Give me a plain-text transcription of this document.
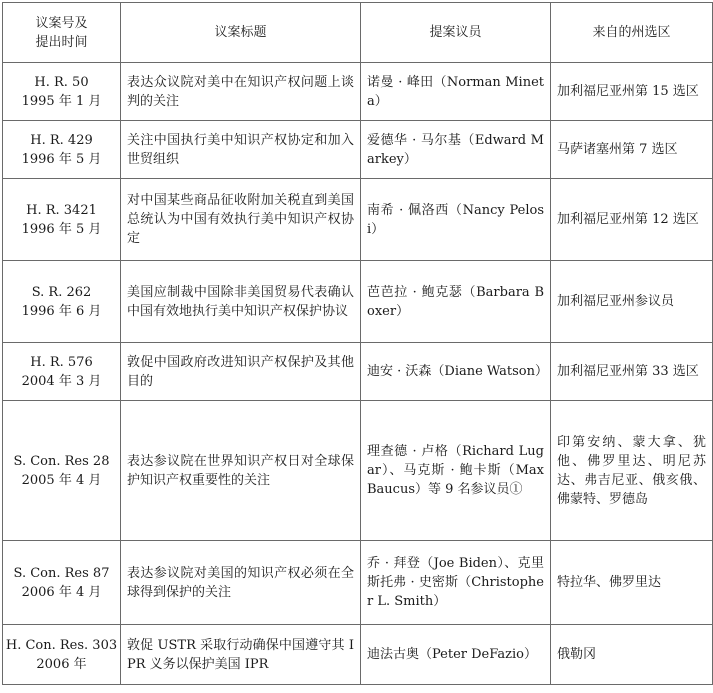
议案号及
提出时间	议案标题	提案议员	来自的州选区

H. R. 50
1995 年 1 月	表达众议院对美中在知识产权问题上谈判的关注	诺曼 · 峰田（Norman Mineta）	加利福尼亚州第 15 选区

H. R. 429
1996 年 5 月	关注中国执行美中知识产权协定和加入世贸组织	爱德华 · 马尔基（Edward Markey）	马萨诸塞州第 7 选区

H. R. 3421
1996 年 5 月	对中国某些商品征收附加关税直到美国总统认为中国有效执行美中知识产权协定	南希 · 佩洛西（Nancy Pelosi）	加利福尼亚州第 12 选区

S. R. 262
1996 年 6 月	美国应制裁中国除非美国贸易代表确认中国有效地执行美中知识产权保护协议	芭芭拉 · 鲍克瑟（Barbara Boxer）	加利福尼亚州参议员

H. R. 576
2004 年 3 月	敦促中国政府改进知识产权保护及其他目的	迪安 · 沃森（Diane Watson）	加利福尼亚州第 33 选区

S. Con. Res 28
2005 年 4 月	表达参议院在世界知识产权日对全球保护知识产权重要性的关注	理查德 · 卢格（Richard Lugar）、马克斯 · 鲍卡斯（Max Baucus）等 9 名参议员①	印第安纳、蒙大拿、犹他、佛罗里达、明尼苏达、弗吉尼亚、俄亥俄、佛蒙特、罗德岛

S. Con. Res 87
2006 年 4 月	表达参议院对美国的知识产权必须在全球得到保护的关注	乔 · 拜登（Joe Biden）、克里斯托弗 · 史密斯（Christopher L. Smith）	特拉华、佛罗里达

H. Con. Res. 303
2006 年	敦促 USTR 采取行动确保中国遵守其 IPR 义务以保护美国 IPR	迪法古奥（Peter DeFazio）	俄勒冈
